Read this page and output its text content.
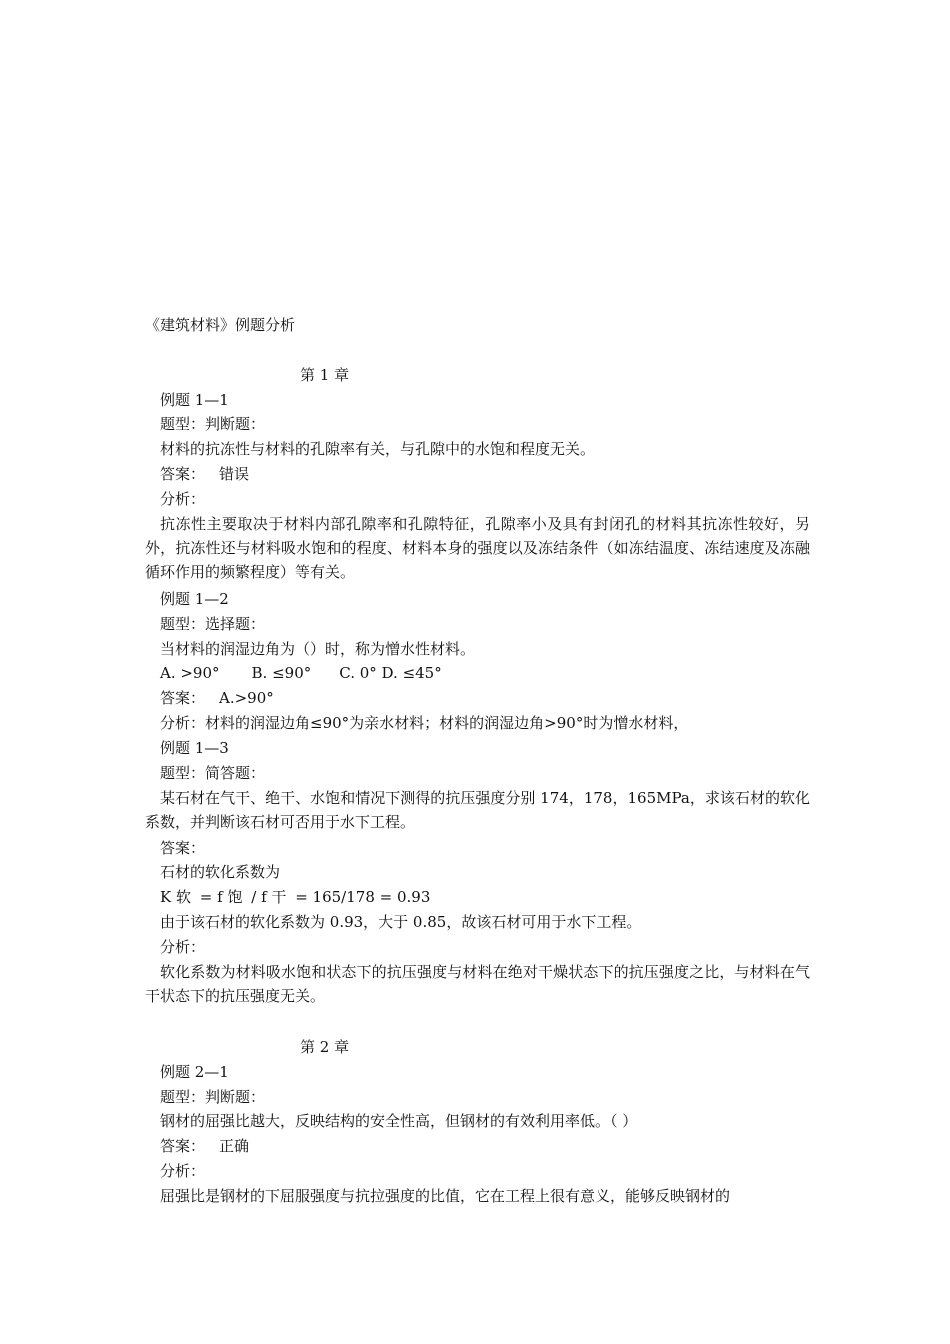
《建筑材料》例题分析
第 1 章
例题 1—1
题型：判断题：
材料的抗冻性与材料的孔隙率有关，与孔隙中的水饱和程度无关。
答案： 错误
分析：
抗冻性主要取决于材料内部孔隙率和孔隙特征，孔隙率小及具有封闭孔的材料其抗冻性较好，另外，抗冻性还与材料吸水饱和的程度、材料本身的强度以及冻结条件（如冻结温度、冻结速度及冻融循环作用的频繁程度）等有关。
例题 1—2
题型：选择题：
当材料的润湿边角为（）时，称为憎水性材料。
A. >90° B. ≤90° C. 0° D. ≤45°
答案： A.>90°
分析：材料的润湿边角≤90°为亲水材料；材料的润湿边角>90°时为憎水材料，
例题 1—3
题型：简答题：
某石材在气干、绝干、水饱和情况下测得的抗压强度分别 174，178，165MPa，求该石材的软化系数，并判断该石材可否用于水下工程。
答案：
石材的软化系数为
K 软 = f 饱 / f 干 = 165/178 = 0.93
由于该石材的软化系数为 0.93，大于 0.85，故该石材可用于水下工程。
分析：
软化系数为材料吸水饱和状态下的抗压强度与材料在绝对干燥状态下的抗压强度之比，与材料在气干状态下的抗压强度无关。
第 2 章
例题 2—1
题型：判断题：
钢材的屈强比越大，反映结构的安全性高，但钢材的有效利用率低。（ ）
答案： 正确
分析：
屈强比是钢材的下屈服强度与抗拉强度的比值，它在工程上很有意义，能够反映钢材的
